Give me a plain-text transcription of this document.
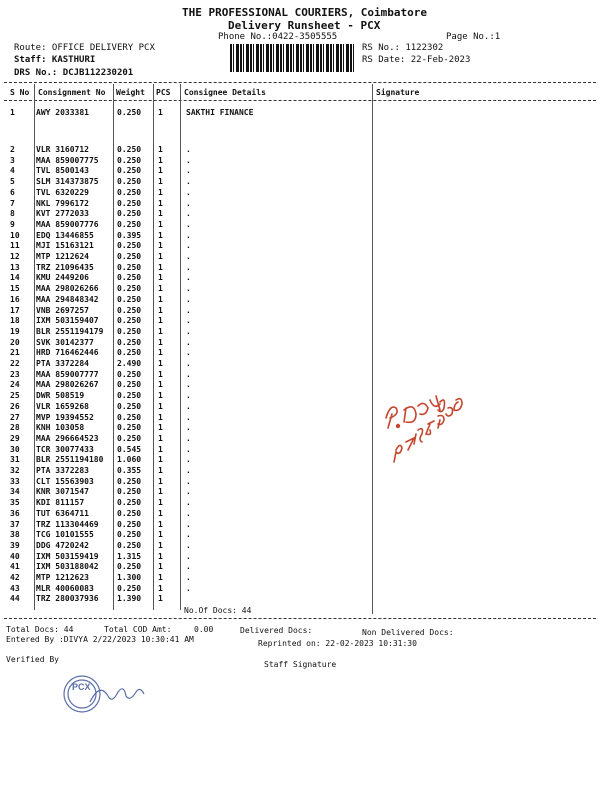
THE PROFESSIONAL COURIERS, Coimbatore
Delivery Runsheet - PCX
Phone No.:0422-3505555	Page No.:1
Route: OFFICE DELIVERY PCX
Staff: KASTHURI
DRS No.: DCJB112230201
RS No.: 1122302
RS Date: 22-Feb-2023
S No Consignment No Weight PCS Consignee Details	Signature
1	AWY 2033381	0.250 1	SAKTHI FINANCE
2	VLR 3160712	0.250 1	.
3	MAA 859007775 0.250 1	.
4	TVL 8500143	0.250 1	.
5	SLM 314373875 0.250 1	.
6	TVL 6320229	0.250 1	.
7	NKL 7996172	0.250 1	.
8	KVT 2772033	0.250 1	.
9	MAA 859007776 0.250 1	.
10 EDQ 13446855	0.395 1	.
11 MJI 15163121	0.250 1	.
12 MTP 1212624	0.250 1	.
13 TRZ 21096435	0.250 1	.
14 KMU 2449206	0.250 1	.
15 MAA 298026266 0.250 1	.
16 MAA 294848342 0.250 1	.
17 VNB 2697257	0.250 1	.
18 IXM 503159407 0.250 1	.
19 BLR 2551194179 0.250 1	.
20 SVK 30142377	0.250 1	.
21 HRD 716462446 0.250 1	.
22 PTA 3372284	2.490 1	.
23 MAA 859007777 0.250 1	.
24 MAA 298026267 0.250 1	.
25 DWR 508519	0.250 1	.
26 VLR 1659268	0.250 1	.
27 MVP 19394552	0.250 1	.
28 KNH 103058	0.250 1	.
29 MAA 296664523 0.250 1	.
30 TCR 30077433	0.545 1	.
31 BLR 2551194180 1.060 1	.
32 PTA 3372283	0.355 1	.
33 CLT 15563903	0.250 1	.
34 KNR 3071547	0.250 1	.
35 KDI 811157	0.250 1	.
36 TUT 6364711	0.250 1	.
37 TRZ 113304469 0.250 1	.
38 TCG 10101555	0.250 1	.
39 DDG 4720242	0.250 1	.
40 IXM 503159419 1.315 1	.
41 IXM 503188042 0.250 1	.
42 MTP 1212623	1.300 1	.
43 MLR 40060083	0.250 1	.
44 TRZ 280037936 1.390 1
No.Of Docs: 44
Total Docs: 44	Total COD Amt:	0.00	Delivered Docs:	Non Delivered Docs:
Entered By :DIVYA 2/22/2023 10:30:41 AM	Reprinted on: 22-02-2023 10:31:30
Verified By
Staff Signature
PCX
